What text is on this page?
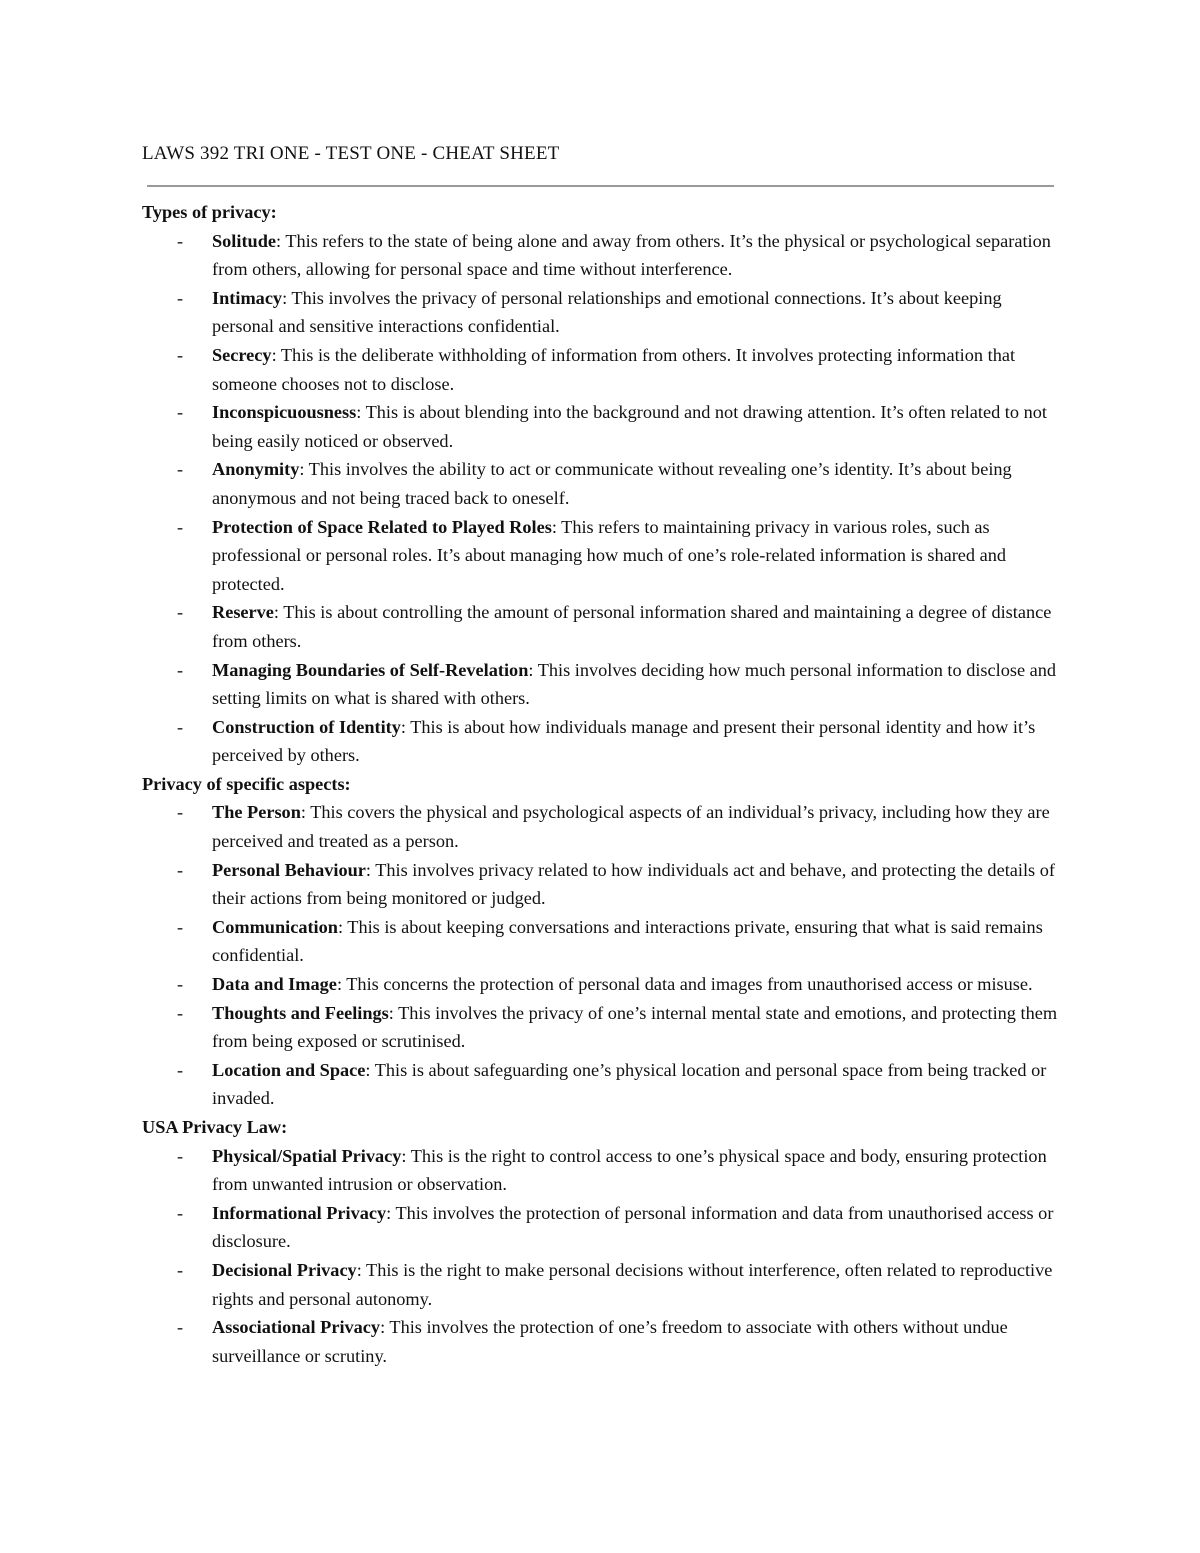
LAWS 392 TRI ONE - TEST ONE - CHEAT SHEET

Types of privacy:

- Solitude: This refers to the state of being alone and away from others. It’s the physical or psychological separation from others, allowing for personal space and time without interference.
- Intimacy: This involves the privacy of personal relationships and emotional connections. It’s about keeping personal and sensitive interactions confidential.
- Secrecy: This is the deliberate withholding of information from others. It involves protecting information that someone chooses not to disclose.
- Inconspicuousness: This is about blending into the background and not drawing attention. It’s often related to not being easily noticed or observed.
- Anonymity: This involves the ability to act or communicate without revealing one’s identity. It’s about being anonymous and not being traced back to oneself.
- Protection of Space Related to Played Roles: This refers to maintaining privacy in various roles, such as professional or personal roles. It’s about managing how much of one’s role-related information is shared and protected.
- Reserve: This is about controlling the amount of personal information shared and maintaining a degree of distance from others.
- Managing Boundaries of Self-Revelation: This involves deciding how much personal information to disclose and setting limits on what is shared with others.
- Construction of Identity: This is about how individuals manage and present their personal identity and how it’s perceived by others.

Privacy of specific aspects:

- The Person: This covers the physical and psychological aspects of an individual’s privacy, including how they are perceived and treated as a person.
- Personal Behaviour: This involves privacy related to how individuals act and behave, and protecting the details of their actions from being monitored or judged.
- Communication: This is about keeping conversations and interactions private, ensuring that what is said remains confidential.
- Data and Image: This concerns the protection of personal data and images from unauthorised access or misuse.
- Thoughts and Feelings: This involves the privacy of one’s internal mental state and emotions, and protecting them from being exposed or scrutinised.
- Location and Space: This is about safeguarding one’s physical location and personal space from being tracked or invaded.

USA Privacy Law:

- Physical/Spatial Privacy: This is the right to control access to one’s physical space and body, ensuring protection from unwanted intrusion or observation.
- Informational Privacy: This involves the protection of personal information and data from unauthorised access or disclosure.
- Decisional Privacy: This is the right to make personal decisions without interference, often related to reproductive rights and personal autonomy.
- Associational Privacy: This involves the protection of one’s freedom to associate with others without undue surveillance or scrutiny.
